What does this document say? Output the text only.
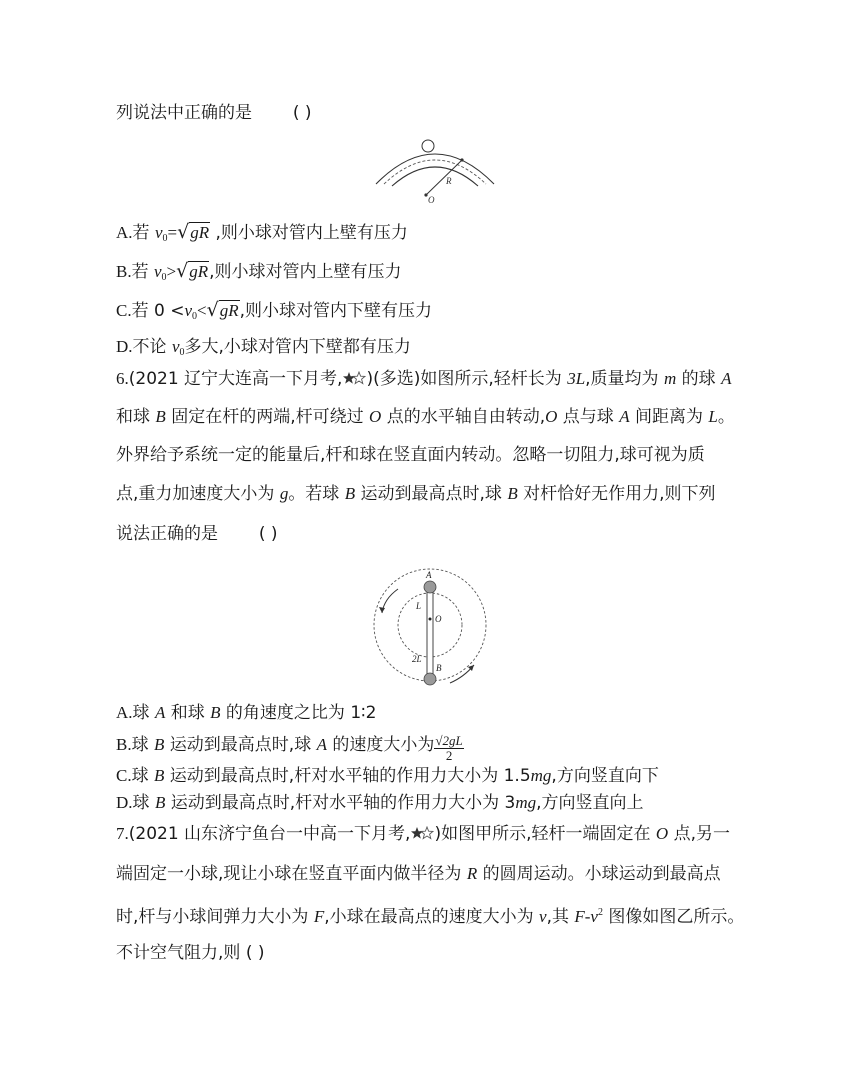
列说法中正确的是 ( )
R
O
A.若 $v_0=√gR$ ,则小球对管内上壁有压力
B.若 $v_0>√gR$,则小球对管内上壁有压力
C.若 $0 <v_0<√gR$,则小球对管内下壁有压力
D.不论 $v_0$多大,小球对管内下壁都有压力
6.(2021 辽宁大连高一下月考, )(多选)如图所示,轻杆长为 3L,质量均为 m 的球 A
和球 B 固定在杆的两端,杆可绕过 O 点的水平轴自由转动,O 点与球 A 间距离为 L。
外界给予系统一定的能量后,杆和球在竖直面内转动。忽略一切阻力,球可视为质
点,重力加速度大小为 g。若球 B 运动到最高点时,球 B 对杆恰好无作用力,则下列
说法正确的是 ( )
A
L
O
2L
B
A.球 A 和球 B 的角速度之比为 1∶2
B.球 B 运动到最高点时,球 A 的速度大小为 $\frac{√2gL}{2}$
C.球 B 运动到最高点时,杆对水平轴的作用力大小为 1.5mg,方向竖直向下
D.球 B 运动到最高点时,杆对水平轴的作用力大小为 3mg,方向竖直向上
7.(2021 山东济宁鱼台一中高一下月考, )如图甲所示,轻杆一端固定在 O 点,另一
端固定一小球,现让小球在竖直平面内做半径为 R 的圆周运动。小球运动到最高点
时,杆与小球间弹力大小为 F,小球在最高点的速度大小为 v,其 $F-v^2$ 图像如图乙所示。
不计空气阻力,则 ( )
